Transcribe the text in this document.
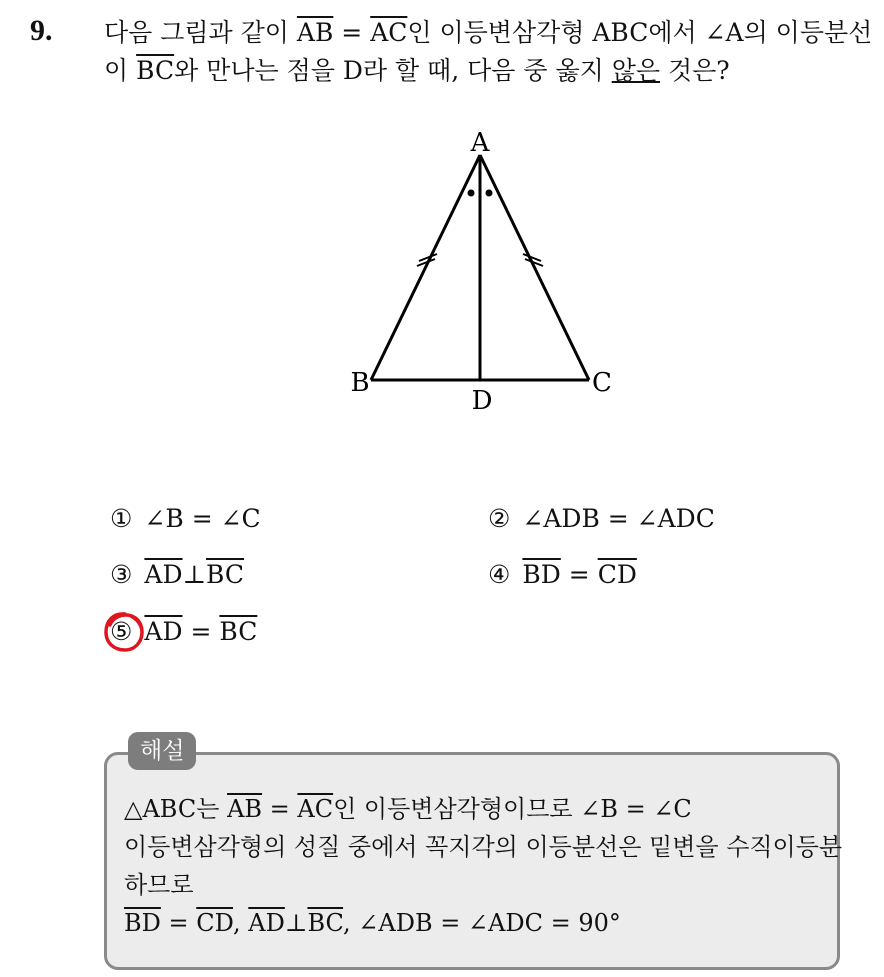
9. 다음 그림과 같이 $\overline{AB} = \overline{AC}$인 이등변삼각형 ABC에서 ∠A의 이등분선이 $\overline{BC}$와 만나는 점을 D라 할 때, 다음 중 옳지 않은 것은?
A
B	C
D
① ∠B = ∠C	② ∠ADB = ∠ADC
③ $\overline{AD}\perp\overline{BC}$	④ $\overline{BD} = \overline{CD}$
⑤ $\overline{AD} = \overline{BC}$
해설
△ABC는 $\overline{AB} = \overline{AC}$인 이등변삼각형이므로 ∠B = ∠C
이등변삼각형의 성질 중에서 꼭지각의 이등분선은 밑변을 수직이등분하므로
$\overline{BD} = \overline{CD}$, $\overline{AD}\perp\overline{BC}$, ∠ADB = ∠ADC = 90°
